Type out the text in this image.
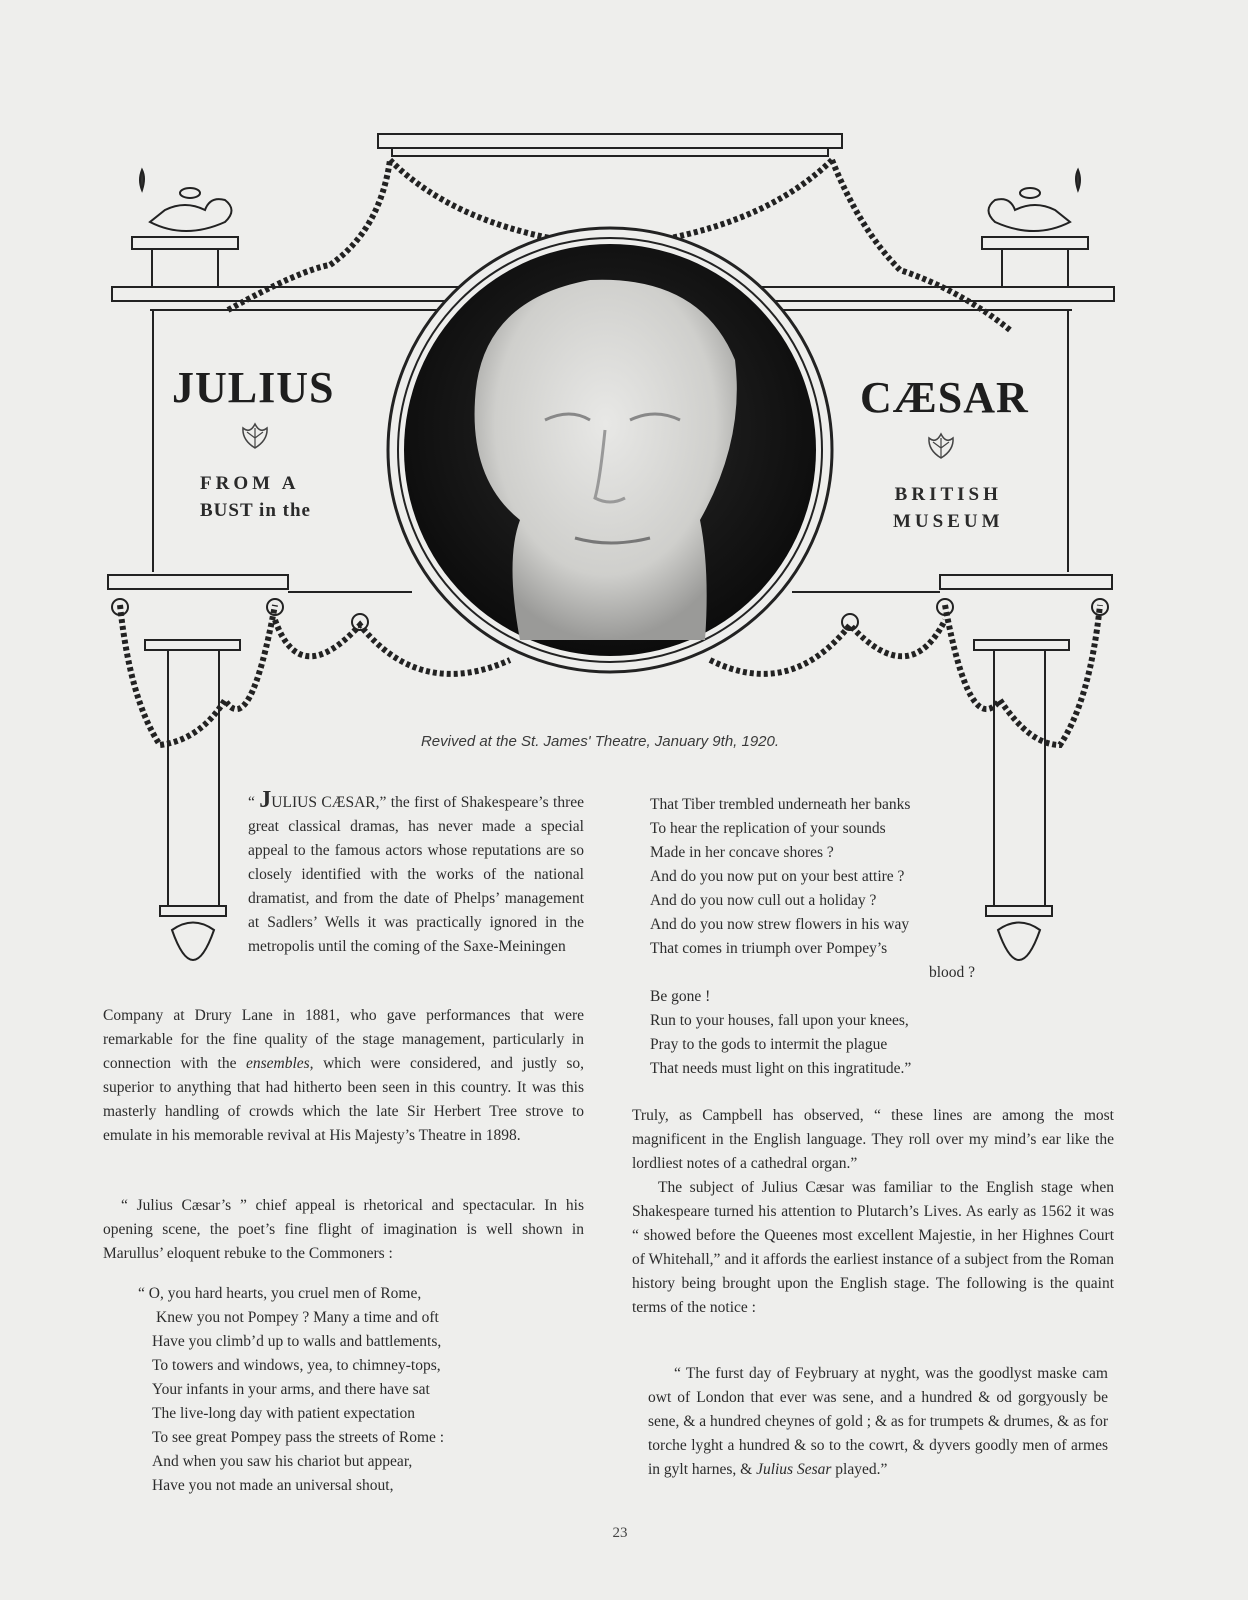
JULIUS
FROM A
BUST in the
CÆSAR
BRITISH
MUSEUM
Revived at the St. James' Theatre, January 9th, 1920.
“ JULIUS CÆSAR,” the first of Shakespeare’s three great classical dramas, has never made a special appeal to the famous actors whose reputations are so closely identified with the works of the national dramatist, and from the date of Phelps’ management at Sadlers’ Wells it was practically ignored in the metropolis until the coming of the Saxe-Meiningen
Company at Drury Lane in 1881, who gave performances that were remarkable for the fine quality of the stage management, particularly in connection with the ensembles, which were considered, and justly so, superior to anything that had hitherto been seen in this country. It was this masterly handling of crowds which the late Sir Herbert Tree strove to emulate in his memorable revival at His Majesty’s Theatre in 1898.
“ Julius Cæsar’s ” chief appeal is rhetorical and spectacular. In his opening scene, the poet’s fine flight of imagination is well shown in Marullus’ eloquent rebuke to the Commoners :
“ O, you hard hearts, you cruel men of Rome,
Knew you not Pompey ? Many a time and oft
Have you climb’d up to walls and battlements,
To towers and windows, yea, to chimney-tops,
Your infants in your arms, and there have sat
The live-long day with patient expectation
To see great Pompey pass the streets of Rome :
And when you saw his chariot but appear,
Have you not made an universal shout,
That Tiber trembled underneath her banks
To hear the replication of your sounds
Made in her concave shores ?
And do you now put on your best attire ?
And do you now cull out a holiday ?
And do you now strew flowers in his way
That comes in triumph over Pompey’s
blood ?
Be gone !
Run to your houses, fall upon your knees,
Pray to the gods to intermit the plague
That needs must light on this ingratitude.”
Truly, as Campbell has observed, “ these lines are among the most magnificent in the English language. They roll over my mind’s ear like the lordliest notes of a cathedral organ.”
The subject of Julius Cæsar was familiar to the English stage when Shakespeare turned his attention to Plutarch’s Lives. As early as 1562 it was “ showed before the Queenes most excellent Majestie, in her Highnes Court of Whitehall,” and it affords the earliest instance of a subject from the Roman history being brought upon the English stage. The following is the quaint terms of the notice :
“ The furst day of Feybruary at nyght, was the goodlyst maske cam owt of London that ever was sene, and a hundred & od gorgyously be sene, & a hundred cheynes of gold ; & as for trumpets & drumes, & as for torche lyght a hundred & so to the cowrt, & dyvers goodly men of armes in gylt harnes, & Julius Sesar played.”
23
